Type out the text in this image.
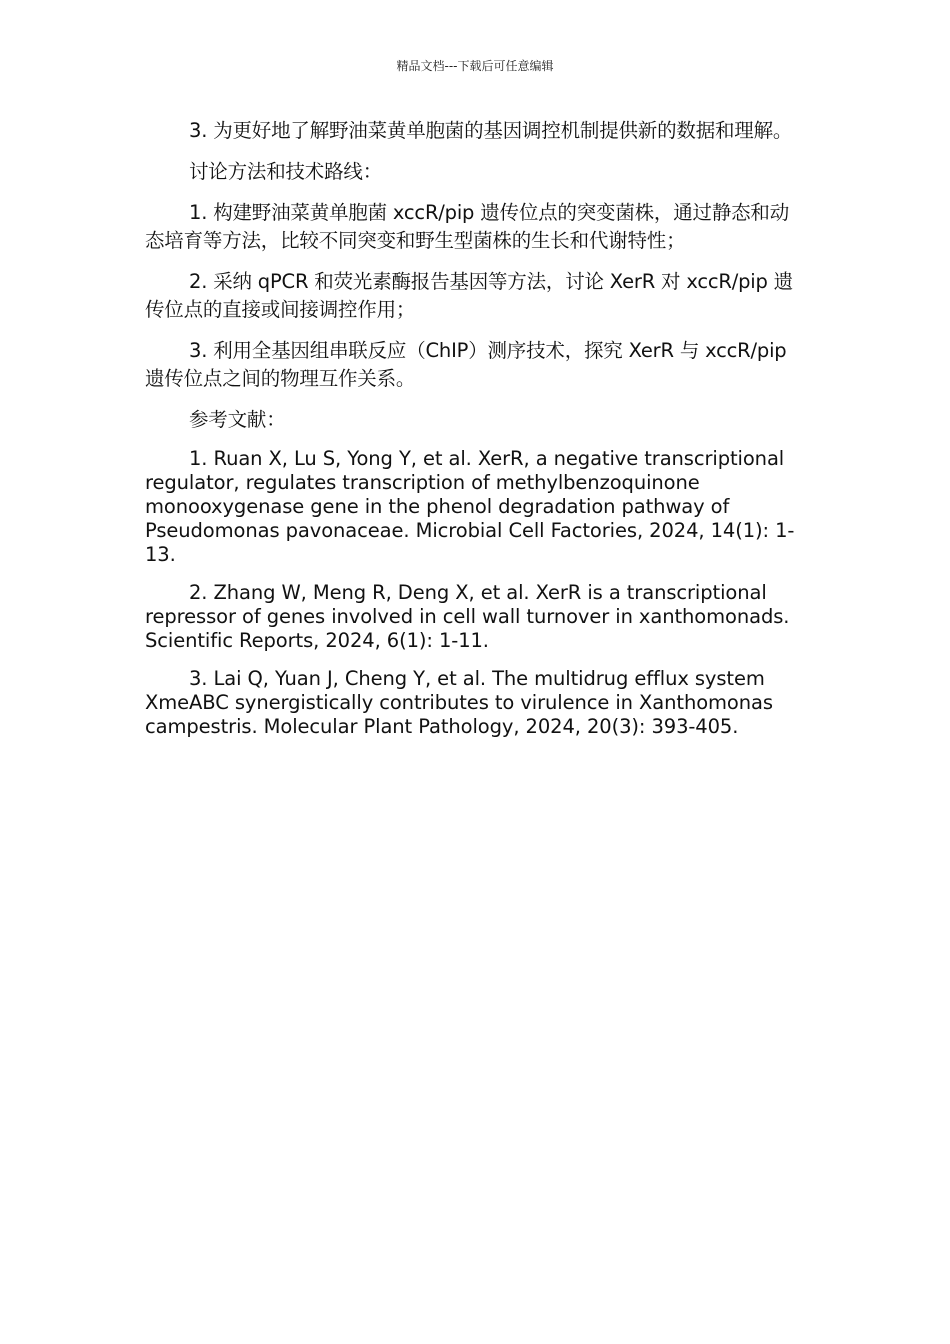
精品文档---下载后可任意编辑

3. 为更好地了解野油菜黄单胞菌的基因调控机制提供新的数据和理解。

讨论方法和技术路线：

1. 构建野油菜黄单胞菌 xccR/pip 遗传位点的突变菌株，通过静态和动态培育等方法，比较不同突变和野生型菌株的生长和代谢特性；

2. 采纳 qPCR 和荧光素酶报告基因等方法，讨论 XerR 对 xccR/pip 遗传位点的直接或间接调控作用；

3. 利用全基因组串联反应（ChIP）测序技术，探究 XerR 与 xccR/pip 遗传位点之间的物理互作关系。

参考文献：

1. Ruan X, Lu S, Yong Y, et al. XerR, a negative transcriptional regulator, regulates transcription of methylbenzoquinone monooxygenase gene in the phenol degradation pathway of Pseudomonas pavonaceae. Microbial Cell Factories, 2024, 14(1): 1-13.

2. Zhang W, Meng R, Deng X, et al. XerR is a transcriptional repressor of genes involved in cell wall turnover in xanthomonads. Scientific Reports, 2024, 6(1): 1-11.

3. Lai Q, Yuan J, Cheng Y, et al. The multidrug efflux system XmeABC synergistically contributes to virulence in Xanthomonas campestris. Molecular Plant Pathology, 2024, 20(3): 393-405.
